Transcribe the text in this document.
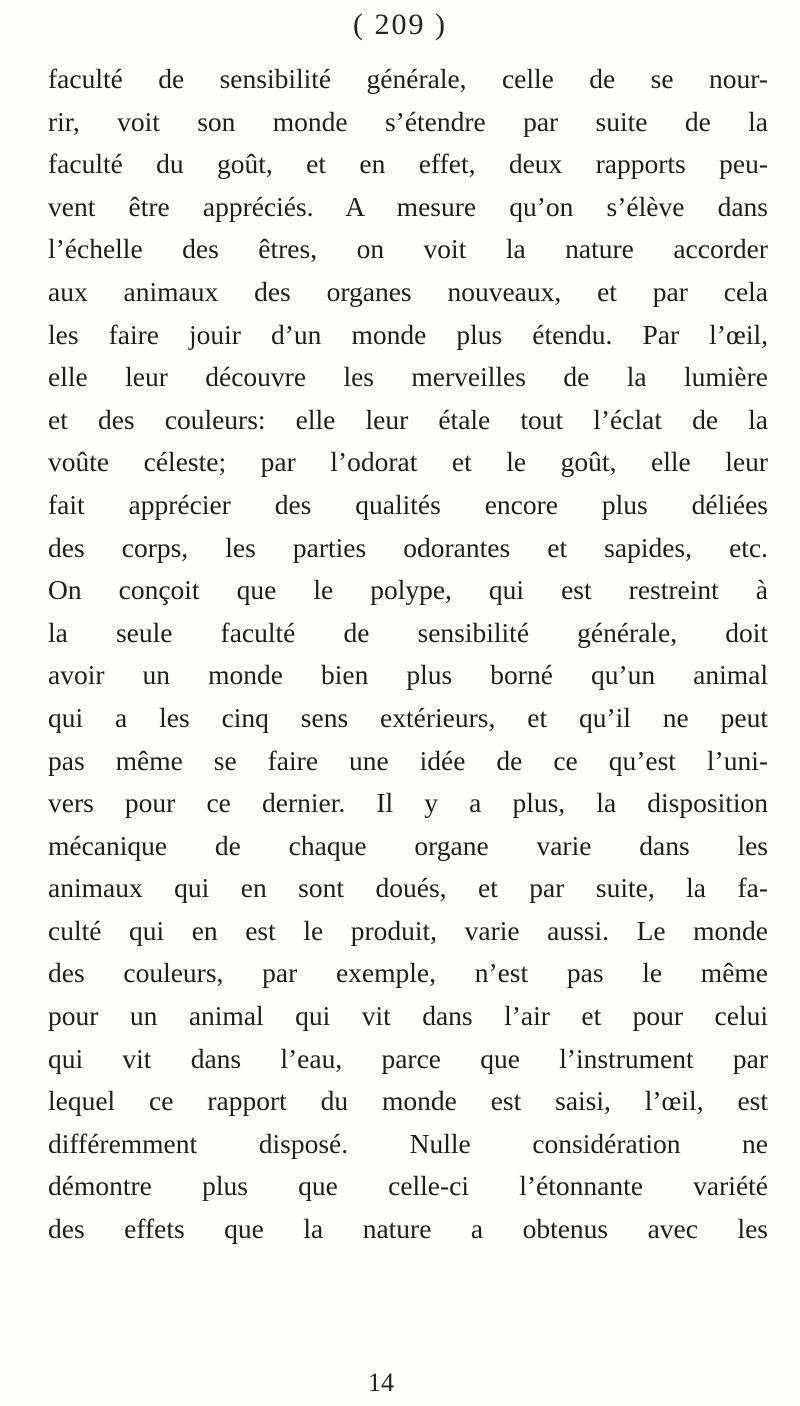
( 209 )
faculté de sensibilité générale, celle de se nour-
rir, voit son monde s’étendre par suite de la
faculté du goût, et en effet, deux rapports peu-
vent être appréciés. A mesure qu’on s’élève dans
l’échelle des êtres, on voit la nature accorder
aux animaux des organes nouveaux, et par cela
les faire jouir d’un monde plus étendu. Par l’œil,
elle leur découvre les merveilles de la lumière
et des couleurs: elle leur étale tout l’éclat de la
voûte céleste; par l’odorat et le goût, elle leur
fait apprécier des qualités encore plus déliées
des corps, les parties odorantes et sapides, etc.
On conçoit que le polype, qui est restreint à
la seule faculté de sensibilité générale, doit
avoir un monde bien plus borné qu’un animal
qui a les cinq sens extérieurs, et qu’il ne peut
pas même se faire une idée de ce qu’est l’uni-
vers pour ce dernier. Il y a plus, la disposition
mécanique de chaque organe varie dans les
animaux qui en sont doués, et par suite, la fa-
culté qui en est le produit, varie aussi. Le monde
des couleurs, par exemple, n’est pas le même
pour un animal qui vit dans l’air et pour celui
qui vit dans l’eau, parce que l’instrument par
lequel ce rapport du monde est saisi, l’œil, est
différemment disposé. Nulle considération ne
démontre plus que celle-ci l’étonnante variété
des effets que la nature a obtenus avec les
14
